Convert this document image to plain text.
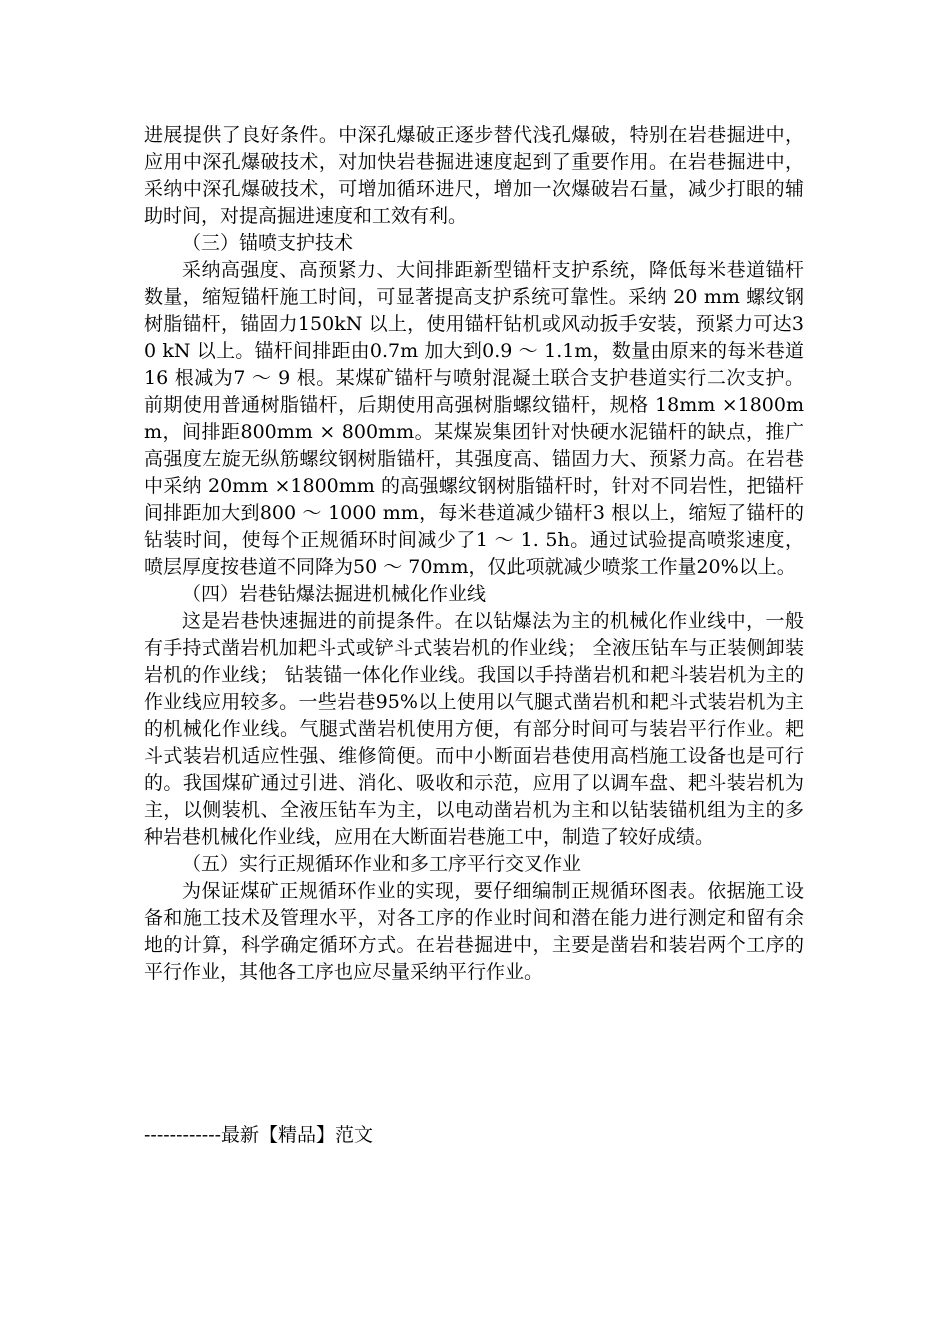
进展提供了良好条件。中深孔爆破正逐步替代浅孔爆破，特别在岩巷掘进中，应用中深孔爆破技术，对加快岩巷掘进速度起到了重要作用。在岩巷掘进中，采纳中深孔爆破技术，可增加循环进尺，增加一次爆破岩石量，减少打眼的辅助时间，对提高掘进速度和工效有利。

（三）锚喷支护技术

采纳高强度、高预紧力、大间排距新型锚杆支护系统，降低每米巷道锚杆数量，缩短锚杆施工时间，可显著提高支护系统可靠性。采纳 20 mm 螺纹钢树脂锚杆，锚固力150kN 以上，使用锚杆钻机或风动扳手安装，预紧力可达30 kN 以上。锚杆间排距由0.7m 加大到0.9 ～ 1.1m，数量由原来的每米巷道16 根减为7 ～ 9 根。某煤矿锚杆与喷射混凝土联合支护巷道实行二次支护。前期使用普通树脂锚杆，后期使用高强树脂螺纹锚杆，规格 18mm ×1800mm，间排距800mm × 800mm。某煤炭集团针对快硬水泥锚杆的缺点，推广高强度左旋无纵筋螺纹钢树脂锚杆，其强度高、锚固力大、预紧力高。在岩巷中采纳 20mm ×1800mm 的高强螺纹钢树脂锚杆时，针对不同岩性，把锚杆间排距加大到800 ～ 1000 mm，每米巷道减少锚杆3 根以上，缩短了锚杆的钻装时间，使每个正规循环时间减少了1 ～ 1. 5h。通过试验提高喷浆速度，喷层厚度按巷道不同降为50 ～ 70mm，仅此项就减少喷浆工作量20%以上。

（四）岩巷钻爆法掘进机械化作业线

这是岩巷快速掘进的前提条件。在以钻爆法为主的机械化作业线中，一般有手持式凿岩机加耙斗式或铲斗式装岩机的作业线； 全液压钻车与正装侧卸装岩机的作业线； 钻装锚一体化作业线。我国以手持凿岩机和耙斗装岩机为主的作业线应用较多。一些岩巷95%以上使用以气腿式凿岩机和耙斗式装岩机为主的机械化作业线。气腿式凿岩机使用方便，有部分时间可与装岩平行作业。耙斗式装岩机适应性强、维修简便。而中小断面岩巷使用高档施工设备也是可行的。我国煤矿通过引进、消化、吸收和示范，应用了以调车盘、耙斗装岩机为主，以侧装机、全液压钻车为主，以电动凿岩机为主和以钻装锚机组为主的多种岩巷机械化作业线，应用在大断面岩巷施工中，制造了较好成绩。

（五）实行正规循环作业和多工序平行交叉作业

为保证煤矿正规循环作业的实现，要仔细编制正规循环图表。依据施工设备和施工技术及管理水平，对各工序的作业时间和潜在能力进行测定和留有余地的计算，科学确定循环方式。在岩巷掘进中，主要是凿岩和装岩两个工序的平行作业，其他各工序也应尽量采纳平行作业。

------------最新【精品】范文
